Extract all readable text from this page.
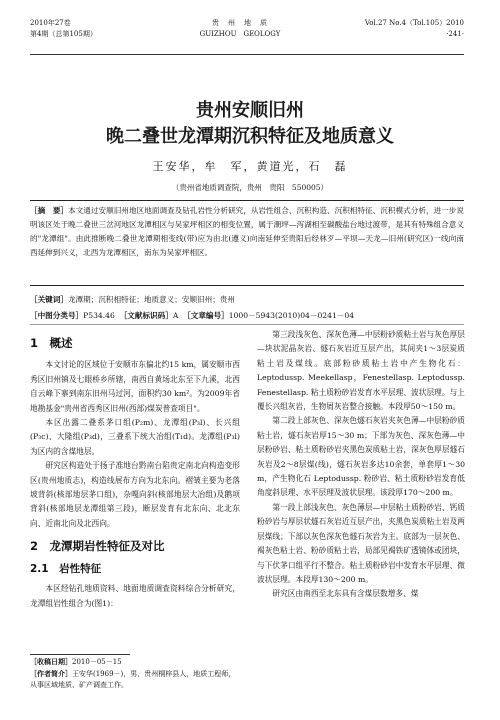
2010年27卷
第4期（总第105期）
贵　州　地　质
GUIZHOU　GEOLOGY
Vol.27 No.4（Tol.105）2010
·241·
贵州安顺旧州
晚二叠世龙潭期沉积特征及地质意义
王安华，牟　军，黄道光，石　磊
（贵州省地质调查院，贵州　贵阳　550005）
［摘　要］本文通过安顺旧州地区地面调查及钻孔岩性分析研究，从岩性组合、沉积构造、沉积相特征、沉积模式分析，进一步说明该区处于晚二叠世三岔河地区龙潭相区与吴家坪相区的相变位置，属于潮坪—泻湖相至碳酸盐台地过渡带，是其有特殊组合意义的"龙潭组"。由此推断晚二叠世龙潭期相变线(带)应为由北(遵义)向南延伸至贵阳后经林歹—平坝—天龙—旧州(研究区)一线向南西延伸到兴义，北西为龙潭相区，南东为吴家坪相区。
［关键词］龙潭期；沉积相特征；地质意义；安顺旧州；贵州
［中图分类号］P534.46 ［文献标识码］A ［文章编号］1000－5943(2010)04－0241－04
1　概述

本文讨论的区域位于安顺市东偏北约15 km，属安顺市西秀区旧州镇及七眼桥乡所辖，南西自黄场北东至下九溪，北西自云峰下寨到南东旧州马过河，面积约30 km²。为2009年省地勘基金"贵州省西秀区旧州(西部)煤炭普查项目"。

本区出露二叠系茅口组(P₂m)、龙潭组(P₃l)、长兴组(P₃c)、大隆组(P₃d)，三叠系下统大冶组(T₁d)。龙潭组(P₃l)为区内的含煤地层。

研究区构造处于扬子准地台黔南台陷贵定南北向构造变形区(贵州地质志)，构造线展布方向为北东向。褶皱主要为老落坡背斜(核部地层茅口组)，杂嘎向斜(核部地层大冶组)及鹅项背斜(核部地层龙潭组第三段)，断层发育有北东向、北北东向、近南北向及北西向。

2　龙潭期岩性特征及对比
2.1　岩性特征

本区经钻孔地质资料、地面地质调查资料综合分析研究，龙潭组岩性组合为(图1)：

第三段浅灰色、深灰色薄—中层粉砂质粘土岩与灰色厚层—块状泥晶灰岩、燧石灰岩近互层产出，其间夹1～3层炭质粘土岩及煤线。底部粉砂质粘土岩中产生物化石：Leptodussp. Meekellasp，Fenestellasp. Leptodussp. Fenestellasp. 粘土质粉砂岩发育水平层理、波状层理。与上覆长兴组灰岩，生物屑灰岩整合接触。本段厚50～150 m。

第二段上部灰色、深灰色燧石灰岩夹灰色薄—中层粉砂质粘土岩，燧石灰岩厚15～30 m；下部为灰色、深灰色薄—中层粉砂岩、粘土质粉砂岩夹黑色炭质粘土岩，深灰色厚层燧石灰岩及2～8层煤(线)，燧石灰岩多达10余套，单套厚1～30 m，产生物化石 Leptodussp. 粉砂岩、粘土质粉砂岩发育低角度斜层理、水平层理及波状层理。该段厚170～200 m。

第一段上部浅灰色、灰色薄层—中层粘土质粉砂岩、钙质粉砂岩与厚层状燧石灰岩近互层产出，夹黑色炭质粘土岩及两层煤线；下部以灰色深灰色燧石灰岩为主。底部为一层灰色、褐灰色粘土岩、粉砂质粘土岩，局部见褐铁矿透镜体或团块，与下伏茅口组平行不整合。粘土质粉砂岩中发育水平层理、微波状层理。本段厚130～200 m。

研究区由南西至北东具有含煤层数增多、煤

［收稿日期］2010－05－15
［作者简介］王安华(1969－)，男，贵州桐梓县人，地质工程师，从事区域地质、矿产调查工作。
